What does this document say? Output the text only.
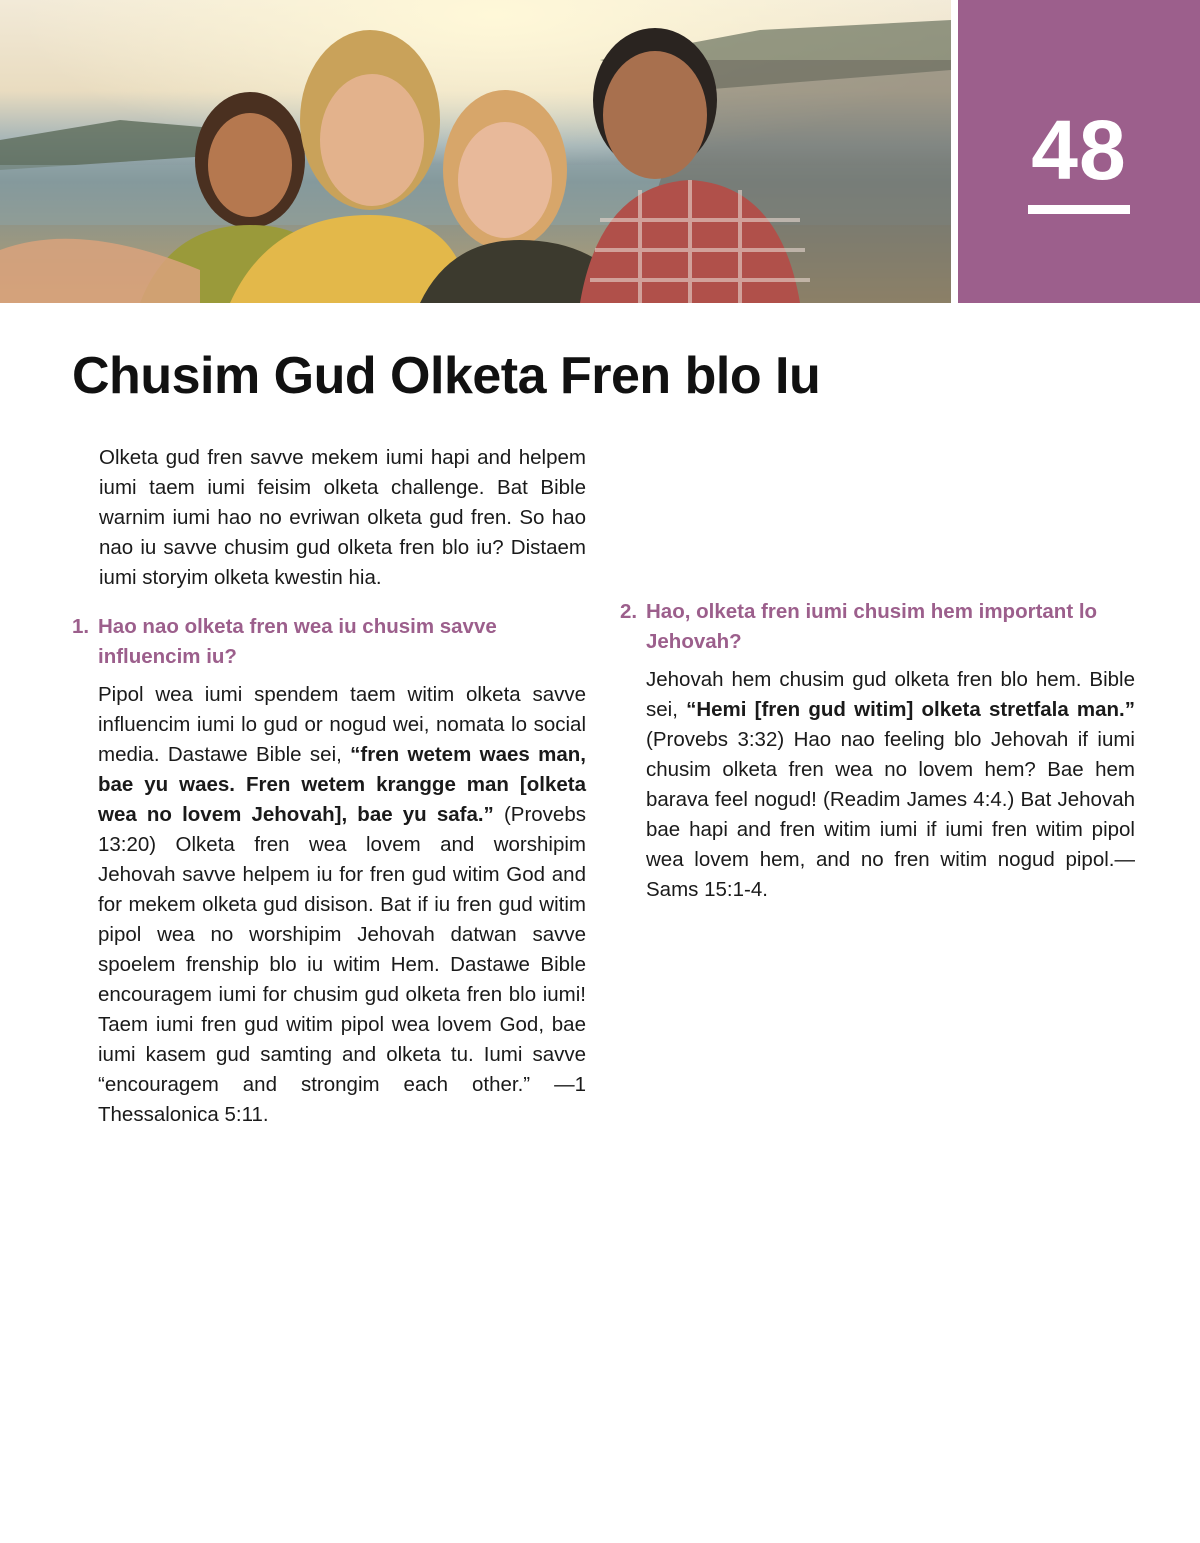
48
Chusim Gud Olketa Fren blo Iu

Olketa gud fren savve mekem iumi hapi and helpem iumi taem iumi feisim olketa challenge. Bat Bible warnim iumi hao no evriwan olketa gud fren. So hao nao iu savve chusim gud olketa fren blo iu? Distaem iumi storyim olketa kwestin hia.

1. Hao nao olketa fren wea iu chusim savve influencim iu?

Pipol wea iumi spendem taem witim olketa savve influencim iumi lo gud or nogud wei, nomata lo social media. Dastawe Bible sei, “fren wetem waes man, bae yu waes. Fren wetem krangge man [olketa wea no lovem Jehovah], bae yu safa.” (Provebs 13:20) Olketa fren wea lovem and worshipim Jehovah savve helpem iu for fren gud witim God and for mekem olketa gud disison. Bat if iu fren gud witim pipol wea no worshipim Jehovah datwan savve spoelem frenship blo iu witim Hem. Dastawe Bible encouragem iumi for chusim gud olketa fren blo iumi! Taem iumi fren gud witim pipol wea lovem God, bae iumi kasem gud samting and olketa tu. Iumi savve “encouragem and strongim each other.” —1 Thessalonica 5:11.

2. Hao, olketa fren iumi chusim hem important lo Jehovah?

Jehovah hem chusim gud olketa fren blo hem. Bible sei, “Hemi [fren gud witim] olketa stretfala man.” (Provebs 3:32) Hao nao feeling blo Jehovah if iumi chusim olketa fren wea no lovem hem? Bae hem barava feel nogud! (Readim James 4:4.) Bat Jehovah bae hapi and fren witim iumi if iumi fren witim pipol wea lovem hem, and no fren witim nogud pipol.—Sams 15:1-4.
